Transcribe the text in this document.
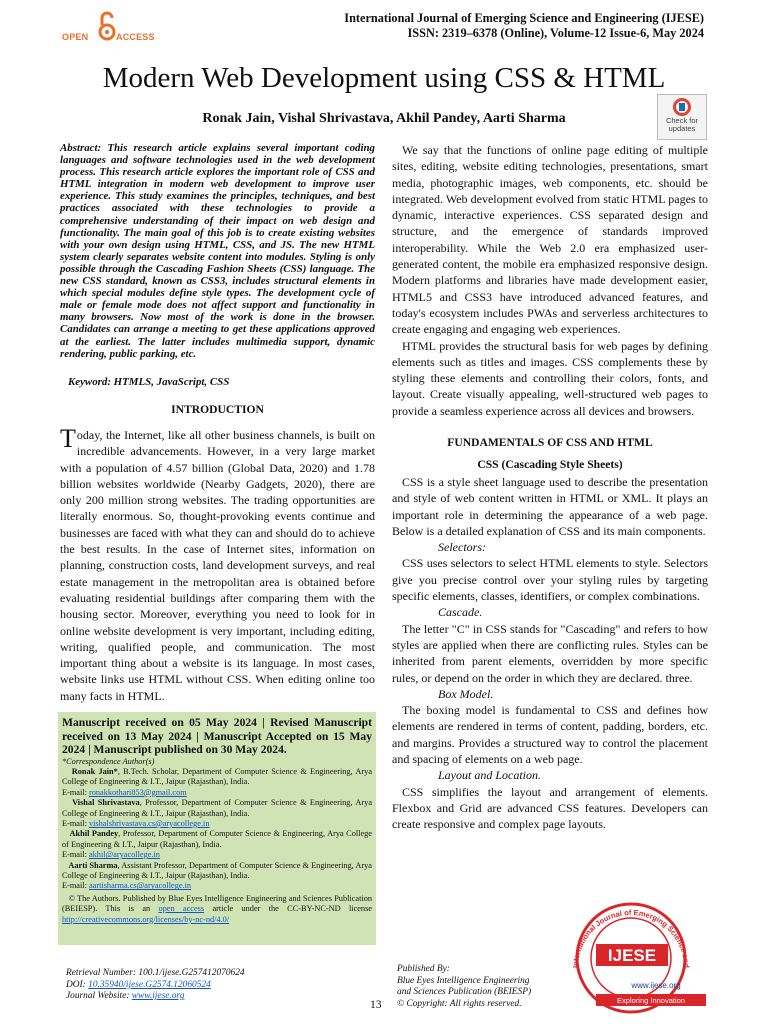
OPEN	ACCESS
International Journal of Emerging Science and Engineering (IJESE)
ISSN: 2319–6378 (Online), Volume-12 Issue-6, May 2024
Modern Web Development using CSS & HTML
Ronak Jain, Vishal Shrivastava, Akhil Pandey, Aarti Sharma	Check for updates
Abstract: This research article explains several important coding languages and software technologies used in the web development process. This research article explores the important role of CSS and HTML integration in modern web development to improve user experience. This study examines the principles, techniques, and best practices associated with these technologies to provide a comprehensive understanding of their impact on web design and functionality. The main goal of this job is to create existing websites with your own design using HTML, CSS, and JS. The new HTML system clearly separates website content into modules. Styling is only possible through the Cascading Fashion Sheets (CSS) language. The new CSS standard, known as CSS3, includes structural elements in which special modules define style types. The development cycle of male or female mode does not affect support and functionality in many browsers. Now most of the work is done in the browser. Candidates can arrange a meeting to get these applications approved at the earliest. The latter includes multimedia support, dynamic rendering, public parking, etc.
Keyword: HTMLS, JavaScript, CSS
INTRODUCTION
Today, the Internet, like all other business channels, is built on incredible advancements. However, in a very large market with a population of 4.57 billion (Global Data, 2020) and 1.78 billion websites worldwide (Nearby Gadgets, 2020), there are only 200 million strong websites. The trading opportunities are literally enormous. So, thought-provoking events continue and businesses are faced with what they can and should do to achieve the best results. In the case of Internet sites, information on planning, construction costs, land development surveys, and real estate management in the metropolitan area is obtained before evaluating residential buildings after comparing them with the housing sector. Moreover, everything you need to look for in online website development is very important, including editing, writing, qualified people, and communication. The most important thing about a website is its language. In most cases, website links use HTML without CSS. When editing online too many facts in HTML.
Manuscript received on 05 May 2024 | Revised Manuscript received on 13 May 2024 | Manuscript Accepted on 15 May 2024 | Manuscript published on 30 May 2024.
*Correspondence Author(s)
Ronak Jain*, B.Tech. Scholar, Department of Computer Science & Engineering, Arya College of Engineering & I.T., Jaipur (Rajasthan), India.
E-mail: ronakkothari853@gmail.com
Vishal Shrivastava, Professor, Department of Computer Science & Engineering, Arya College of Engineering & I.T., Jaipur (Rajasthan), India.
E-mail: vishalshrivastava.cs@aryacollege.in
Akhil Pandey, Professor, Department of Computer Science & Engineering, Arya College of Engineering & I.T., Jaipur (Rajasthan), India.
E-mail: akhil@aryacollege.in
Aarti Sharma, Assistant Professor, Department of Computer Science & Engineering, Arya College of Engineering & I.T., Jaipur (Rajasthan), India.
E-mail: aartisharma.cs@aryacollege.in
© The Authors. Published by Blue Eyes Intelligence Engineering and Sciences Publication (BEIESP). This is an open access article under the CC-BY-NC-ND license http://creativecommons.org/licenses/by-nc-nd/4.0/

We say that the functions of online page editing of multiple sites, editing, website editing technologies, presentations, smart media, photographic images, web components, etc. should be integrated. Web development evolved from static HTML pages to dynamic, interactive experiences. CSS separated design and structure, and the emergence of standards improved interoperability. While the Web 2.0 era emphasized user-generated content, the mobile era emphasized responsive design. Modern platforms and libraries have made development easier, HTML5 and CSS3 have introduced advanced features, and today's ecosystem includes PWAs and serverless architectures to create engaging and engaging web experiences.

HTML provides the structural basis for web pages by defining elements such as titles and images. CSS complements these by styling these elements and controlling their colors, fonts, and layout. Create visually appealing, well-structured web pages to provide a seamless experience across all devices and browsers.

FUNDAMENTALS OF CSS AND HTML
CSS (Cascading Style Sheets)

CSS is a style sheet language used to describe the presentation and style of web content written in HTML or XML. It plays an important role in determining the appearance of a web page. Below is a detailed explanation of CSS and its main components.

Selectors:

CSS uses selectors to select HTML elements to style. Selectors give you precise control over your styling rules by targeting specific elements, classes, identifiers, or complex combinations.

Cascade.

The letter "C" in CSS stands for "Cascading" and refers to how styles are applied when there are conflicting rules. Styles can be inherited from parent elements, overridden by more specific rules, or depend on the order in which they are declared. three.

Box Model.

The boxing model is fundamental to CSS and defines how elements are rendered in terms of content, padding, borders, etc. and margins. Provides a structured way to control the placement and spacing of elements on a web page.

Layout and Location.

CSS simplifies the layout and arrangement of elements. Flexbox and Grid are advanced CSS features. Developers can create responsive and complex page layouts.

Retrieval Number: 100.1/ijese.G257412070624
DOI: 10.35940/ijese.G2574.12060524
Journal Website: www.ijese.org
Published By:
Blue Eyes Intelligence Engineering
and Sciences Publication (BEIESP)
© Copyright: All rights reserved.
13
International Journal of Emerging Science and
IJESE
www.ijese.org
Exploring Innovation
